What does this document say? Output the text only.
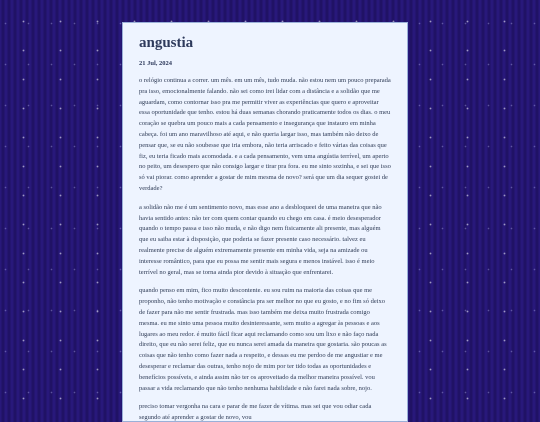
angustia
21 Jul, 2024

o relógio continua a correr. um mês. em um mês, tudo muda. não estou nem um pouco preparada pra isso, emocionalmente falando. não sei como irei lidar com a distância e a solidão que me aguardam, como contornar isso pra me permitir viver as experiências que quero e aproveitar essa oportunidade que tenho. estou há duas semanas chorando praticamente todos os dias. o meu coração se quebra um pouco mais a cada pensamento e insegurança que instauro em minha cabeça. foi um ano maravilhoso até aqui, e não queria largar isso, mas também não deixo de pensar que, se eu não soubesse que iria embora, não teria arriscado e feito várias das coisas que fiz, eu teria ficado mais acomodada. e a cada pensamento, vem uma angústia terrível, um aperto no peito, um desespero que não consigo largar e tirar pra fora. eu me sinto sozinha, e sei que isso só vai piorar. como aprender a gostar de mim mesma de novo? será que um dia sequer gostei de verdade?

a solidão não me é um sentimento novo, mas esse ano a desbloqueei de uma maneira que não havia sentido antes: não ter com quem contar quando eu chego em casa. é meio desesperador quando o tempo passa e isso não muda, e não digo nem fisicamente ali presente, mas alguém que eu saiba estar à disposição, que poderia se fazer presente caso necessário. talvez eu realmente precise de alguém extremamente presente em minha vida, seja na amizade ou interesse romântico, para que eu possa me sentir mais segura e menos instável. isso é meio terrível no geral, mas se torna ainda pior devido à situação que enfrentarei.

quando penso em mim, fico muito descontente. eu sou ruim na maioria das coisas que me proponho, não tenho motivação e constância pra ser melhor no que eu gosto, e no fim só deixo de fazer para não me sentir frustrada. mas isso também me deixa muito frustrada comigo mesma. eu me sinto uma pessoa muito desinteressante, sem muito a agregar às pessoas e aos lugares ao meu redor. é muito fácil ficar aqui reclamando como sou um lixo e não faço nada direito, que eu não serei feliz, que eu nunca serei amada da maneira que gostaria. são poucas as coisas que não tenho como fazer nada a respeito, e dessas eu me perdoo de me angustiar e me desesperar e reclamar das outras, tenho nojo de mim por ter tido todas as oportunidades e benefícios possíveis, e ainda assim não ter os aproveitado da melhor maneira possível. vou passar a vida reclamando que não tenho nenhuma habilidade e não farei nada sobre, nojo.

preciso tomar vergonha na cara e parar de me fazer de vítima. mas sei que vou odiar cada segundo até aprender a gostar de novo, vou
